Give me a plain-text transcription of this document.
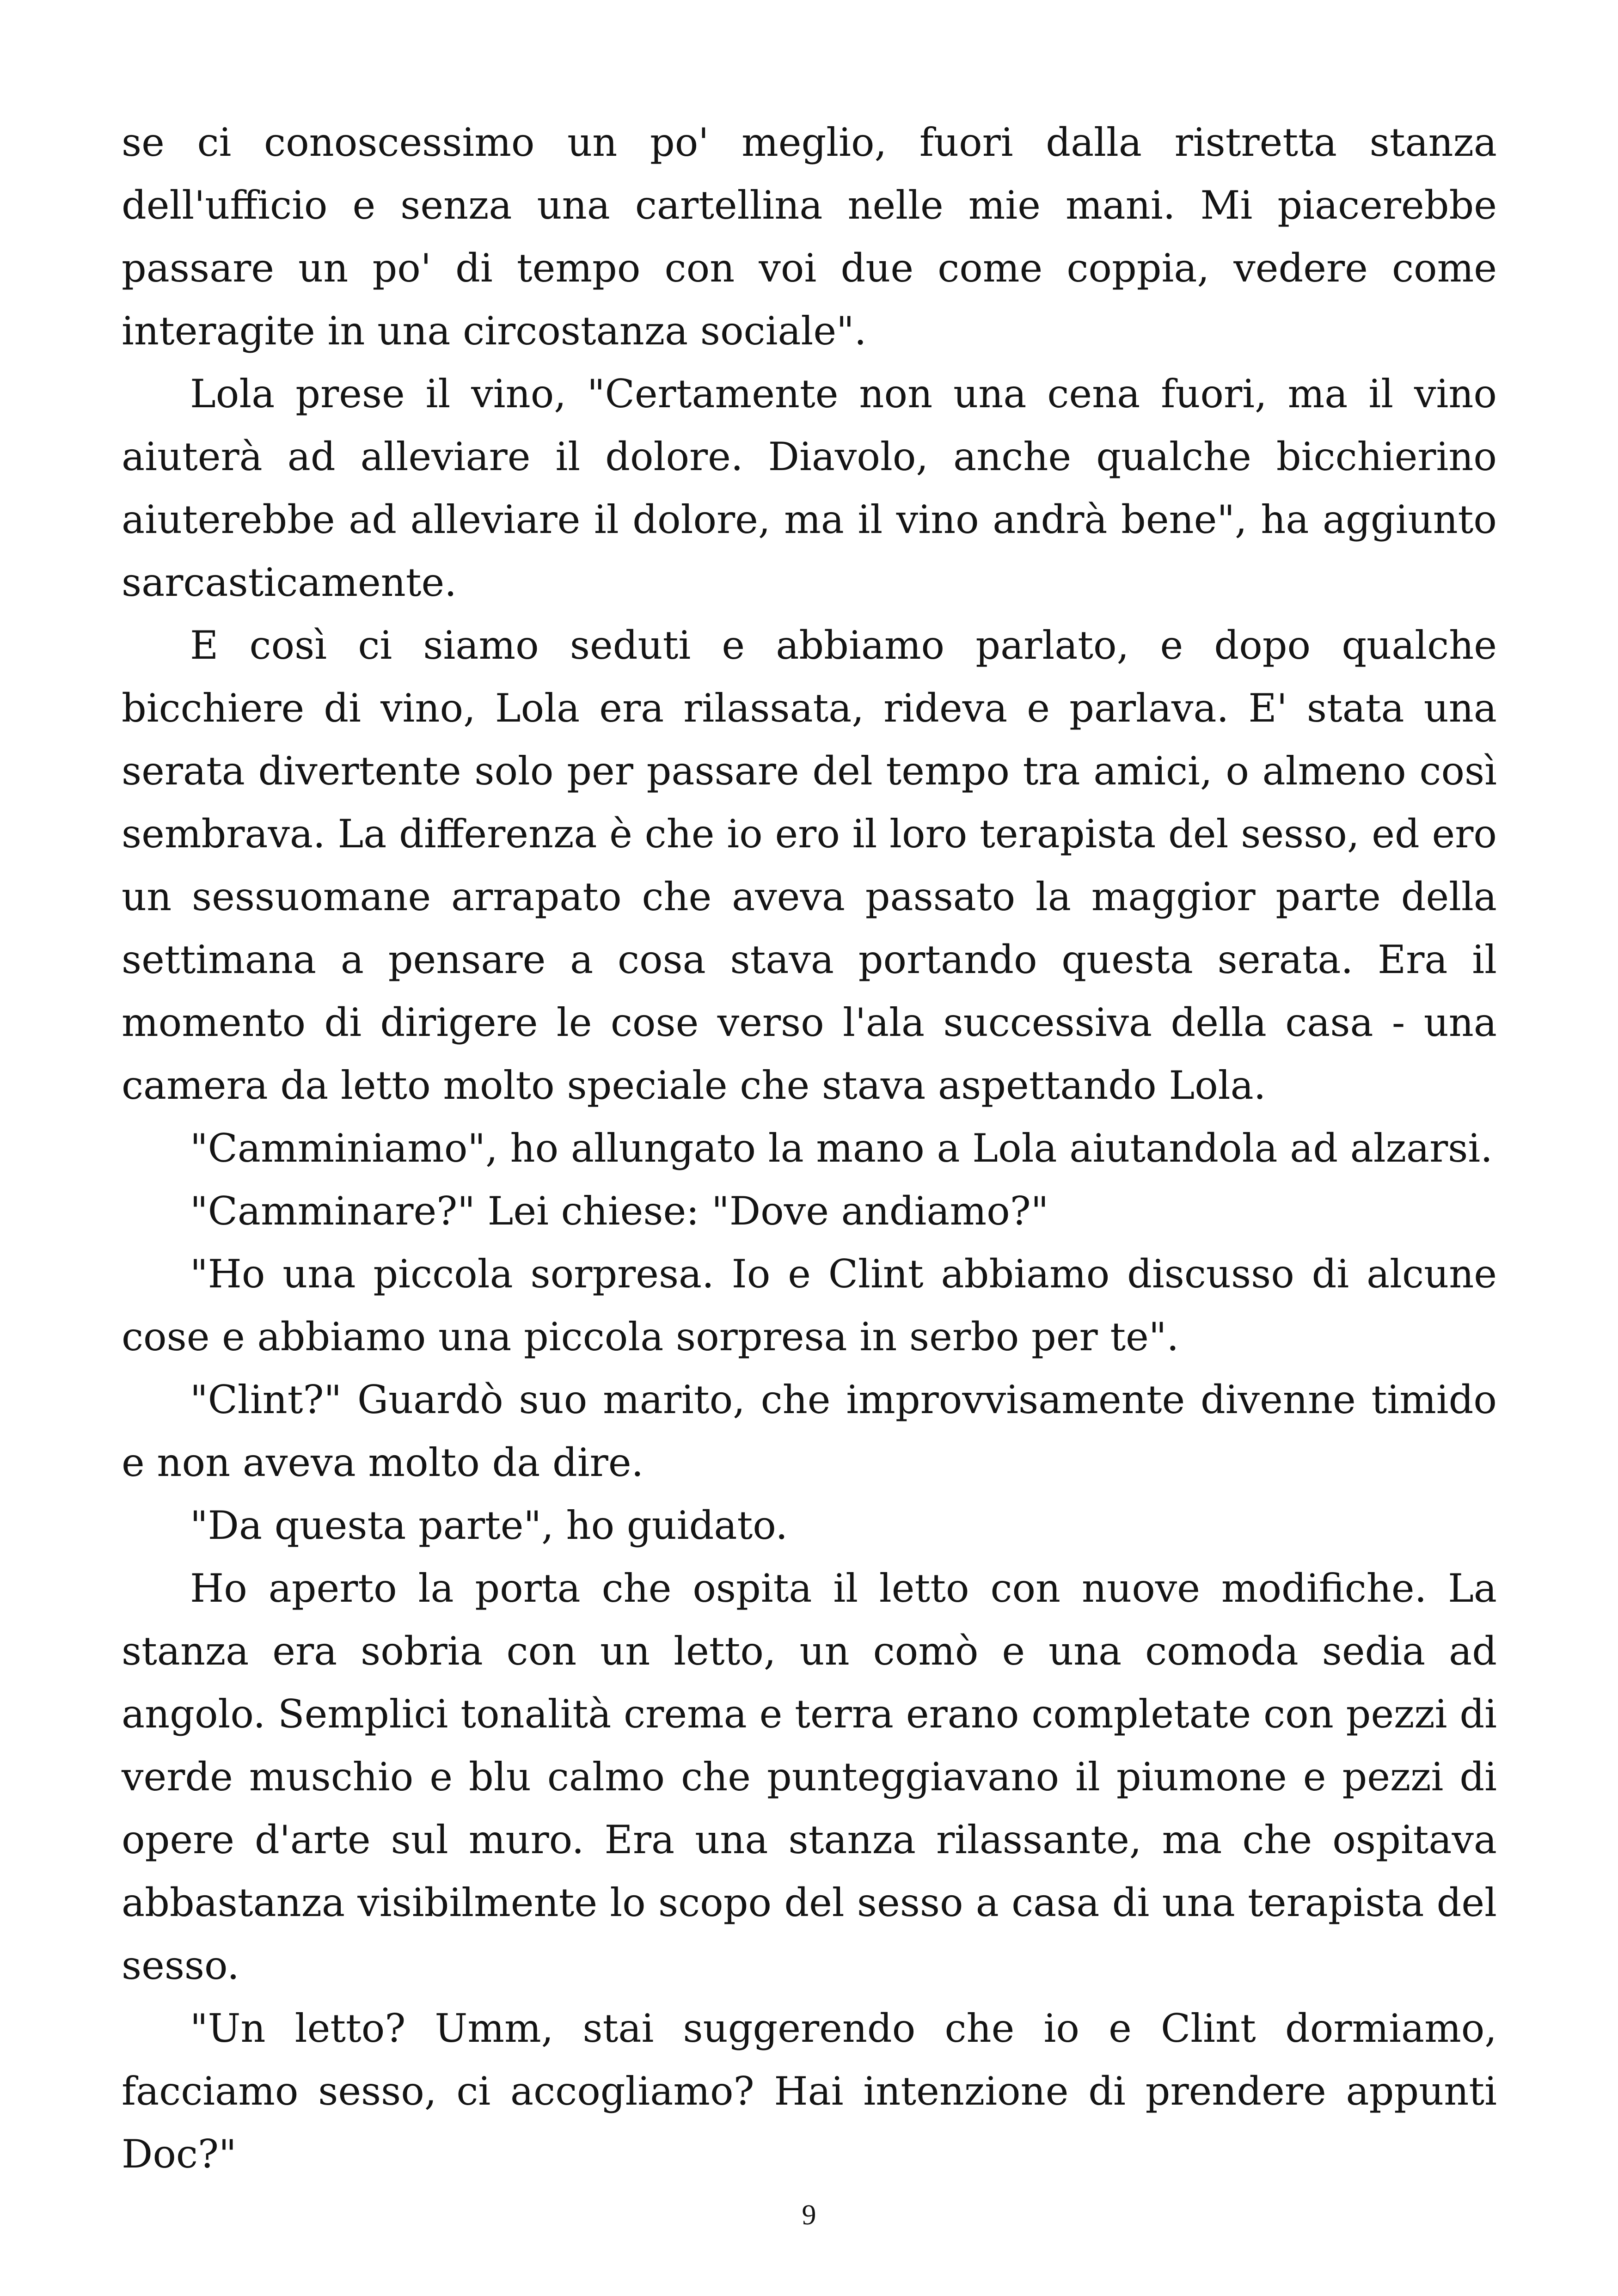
se ci conoscessimo un po' meglio, fuori dalla ristretta stanza dell'ufficio e senza una cartellina nelle mie mani. Mi piacerebbe passare un po' di tempo con voi due come coppia, vedere come interagite in una circostanza sociale".

Lola prese il vino, "Certamente non una cena fuori, ma il vino aiuterà ad alleviare il dolore. Diavolo, anche qualche bicchierino aiuterebbe ad alleviare il dolore, ma il vino andrà bene", ha aggiunto sarcasticamente.

E così ci siamo seduti e abbiamo parlato, e dopo qualche bicchiere di vino, Lola era rilassata, rideva e parlava. E' stata una serata divertente solo per passare del tempo tra amici, o almeno così sembrava. La differenza è che io ero il loro terapista del sesso, ed ero un sessuomane arrapato che aveva passato la maggior parte della settimana a pensare a cosa stava portando questa serata. Era il momento di dirigere le cose verso l'ala successiva della casa - una camera da letto molto speciale che stava aspettando Lola.

"Camminiamo", ho allungato la mano a Lola aiutandola ad alzarsi.

"Camminare?" Lei chiese: "Dove andiamo?"

"Ho una piccola sorpresa. Io e Clint abbiamo discusso di alcune cose e abbiamo una piccola sorpresa in serbo per te".

"Clint?" Guardò suo marito, che improvvisamente divenne timido e non aveva molto da dire.

"Da questa parte", ho guidato.

Ho aperto la porta che ospita il letto con nuove modifiche. La stanza era sobria con un letto, un comò e una comoda sedia ad angolo. Semplici tonalità crema e terra erano completate con pezzi di verde muschio e blu calmo che punteggiavano il piumone e pezzi di opere d'arte sul muro. Era una stanza rilassante, ma che ospitava abbastanza visibilmente lo scopo del sesso a casa di una terapista del sesso.

"Un letto? Umm, stai suggerendo che io e Clint dormiamo, facciamo sesso, ci accogliamo? Hai intenzione di prendere appunti Doc?"

9
